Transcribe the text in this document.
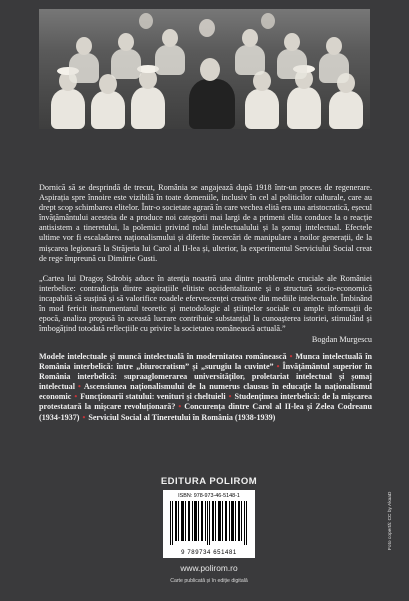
Dornică să se desprindă de trecut, România se angajează după 1918 într-un proces de regenerare. Aspirația spre înnoire este vizibilă în toate domeniile, inclusiv în cel al politicilor culturale, care au drept scop schimbarea elitelor. Într-o societate agrară în care vechea elită era una aristocratică, eșecul învățământului acesteia de a produce noi categorii mai largi de a primeni elita conduce la o reacție antisistem a tineretului, la polemici privind rolul intelectualului și la șomaj intelectual. Efectele ultime vor fi escaladarea naționalismului și diferite încercări de manipulare a noilor generații, de la mișcarea legionară la Străjeria lui Carol al II-lea și, ulterior, la experimentul Serviciului Social creat de rege împreună cu Dimitrie Gusti.

„Cartea lui Dragoș Sdrobiș aduce în atenția noastră una dintre problemele cruciale ale României interbelice: contradicția dintre aspirațiile elitiste occidentalizante și o structură socio-economică incapabilă să susțină și să valorifice roadele efervescenței creative din mediile intelectuale. Îmbinând în mod fericit instrumentarul teoretic și metodologic al științelor sociale cu ample informații de epocă, analiza propusă în această lucrare contribuie substanțial la cunoașterea istoriei, stimulând și îmbogățind totodată reflecțiile cu privire la societatea românească actuală.”

Bogdan Murgescu

Modele intelectuale și muncă intelectuală în modernitatea românească • Munca intelectuală în România interbelică: între „biurocratism” și „surugiu la cuvinte” • Învățământul superior în România interbelică: supraaglomerarea universităților, proletariat intelectual și șomaj intelectual • Ascensiunea naționalismului de la numerus clausus în educație la naționalismul economic • Funcționarii statului: venituri și cheltuieli • Studențimea interbelică: de la mișcarea protestatară la mișcare revoluționară? • Concurența dintre Carol al II-lea și Zelea Codreanu (1934-1937) • Serviciul Social al Tineretului în România (1938-1939)
EDITURA POLIROM
ISBN: 978-973-46-5148-1
9 789734 651481
www.polirom.ro
Carte publicată și în ediție digitală
Foto copertă: CC by AkaaD
